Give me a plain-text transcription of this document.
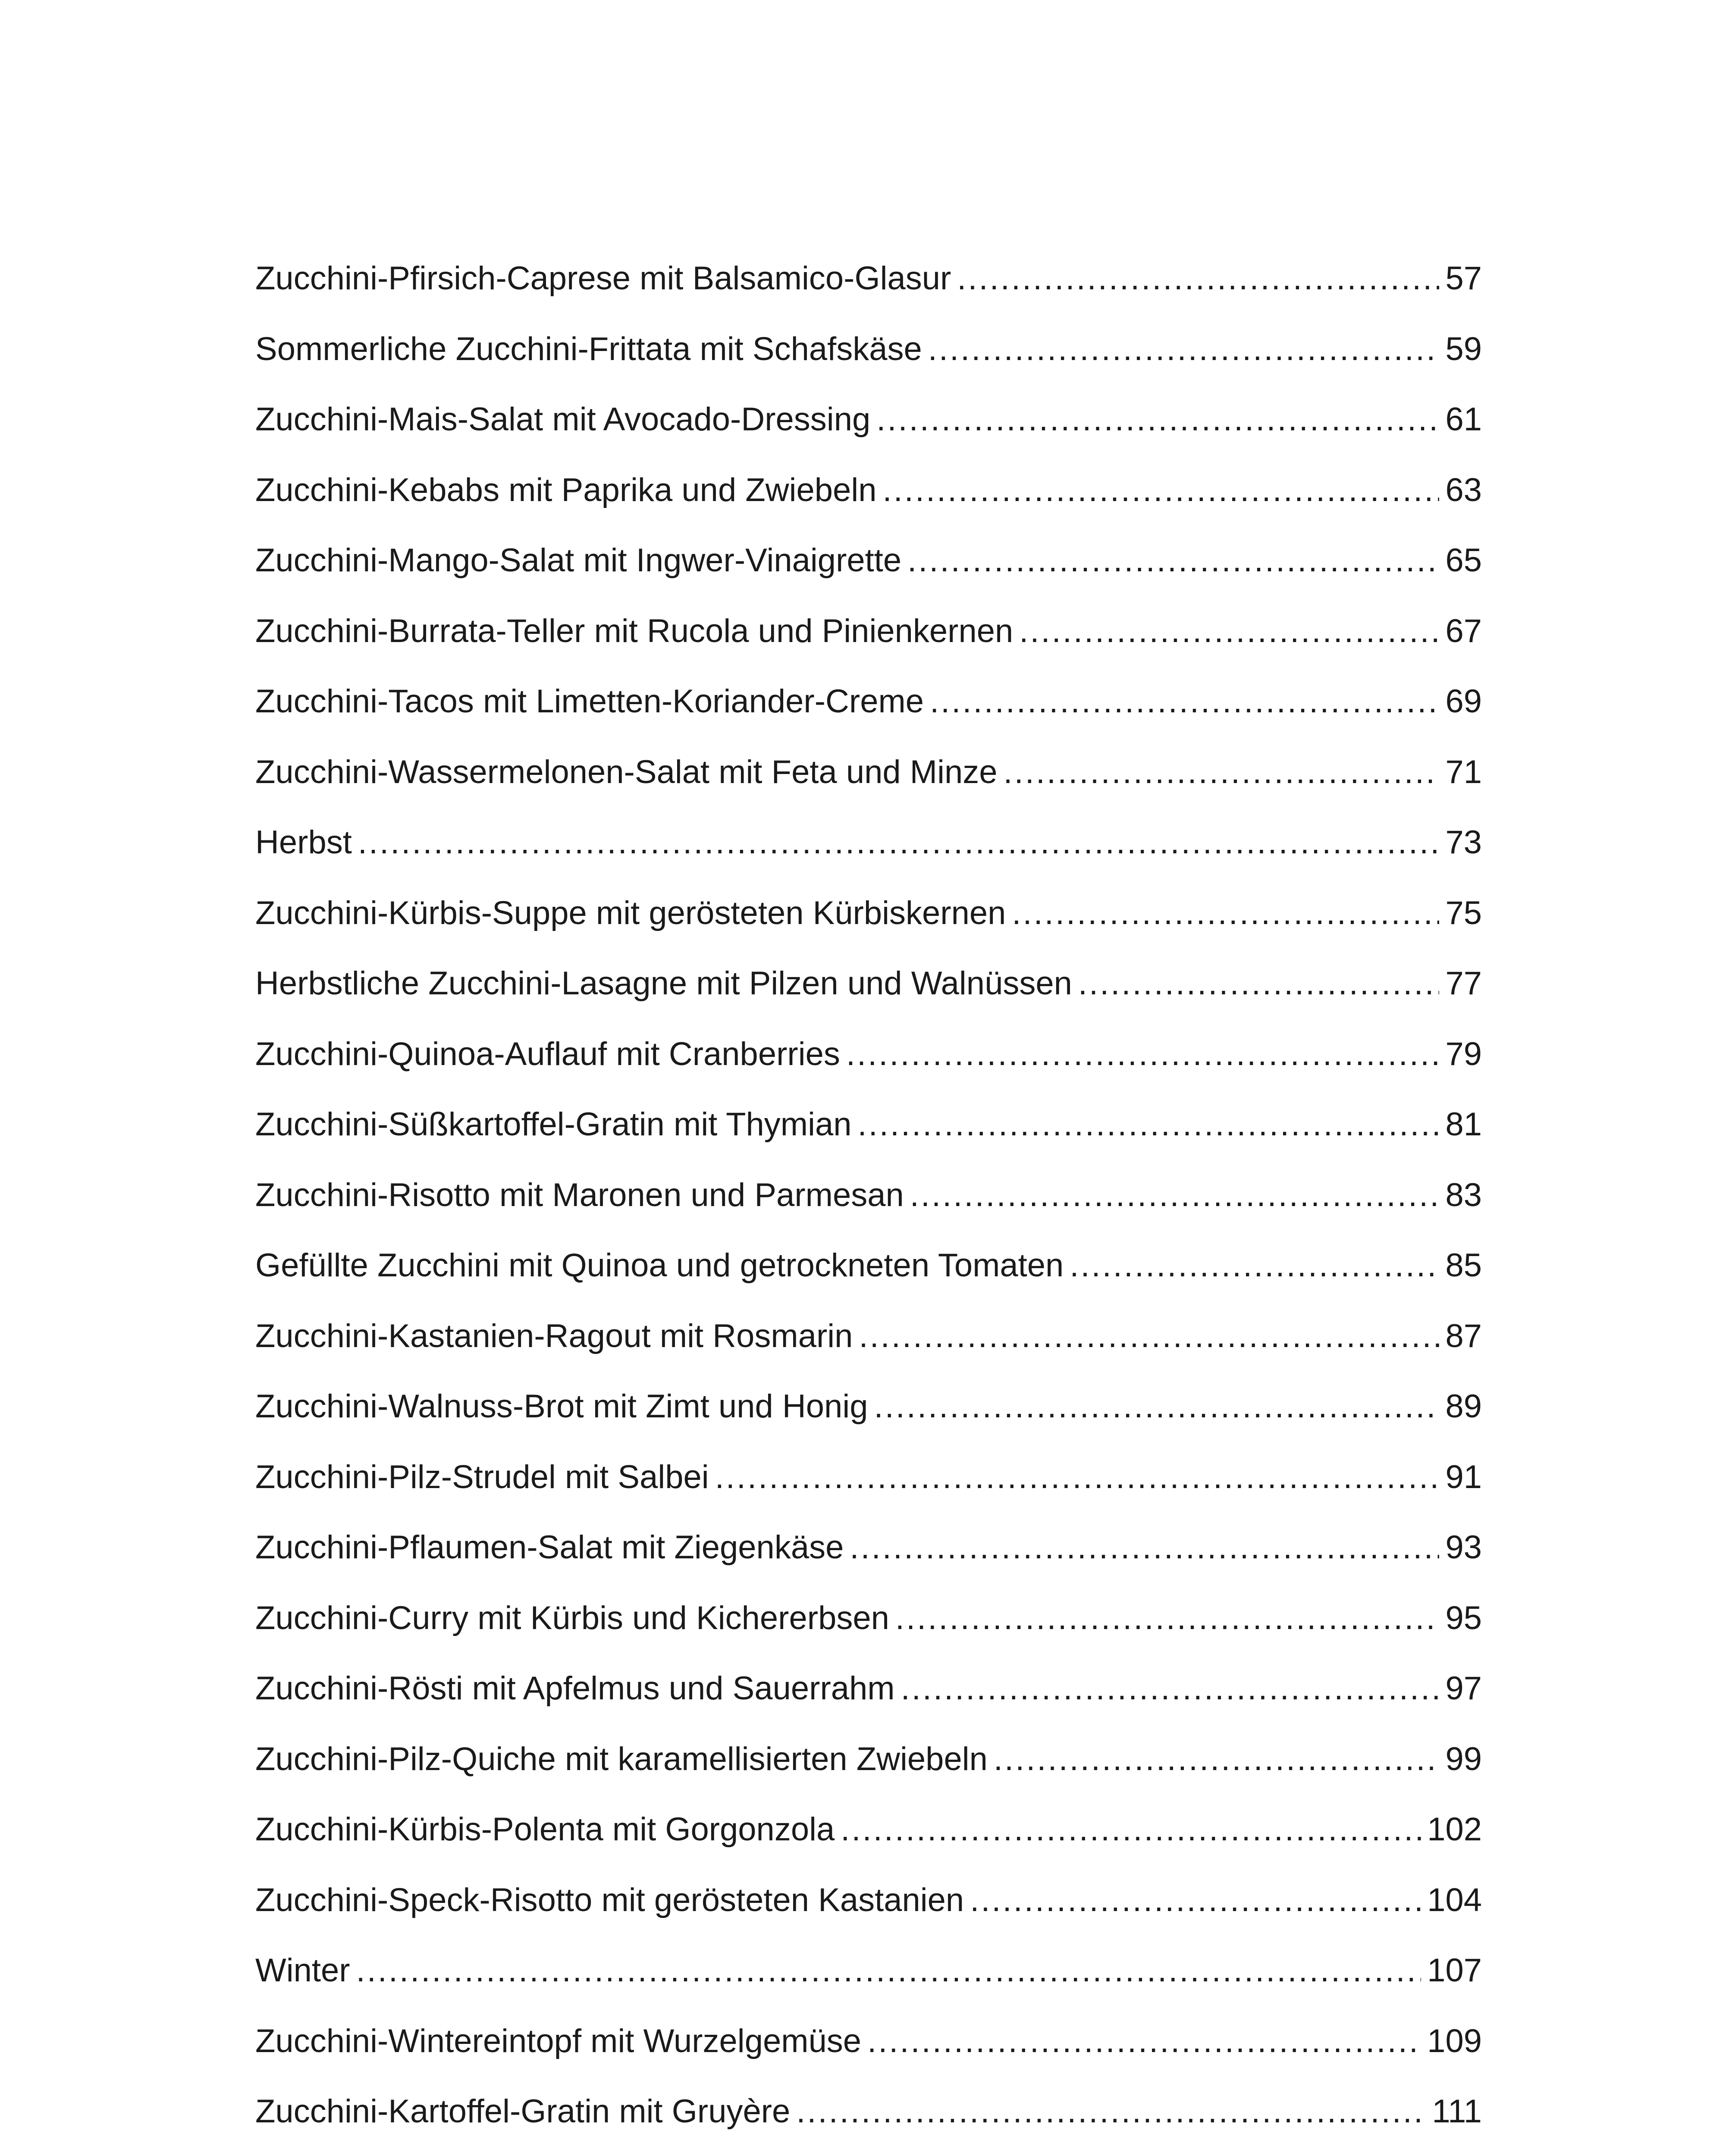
Zucchini-Pfirsich-Caprese mit Balsamico-Glasur .....	57
Sommerliche Zucchini-Frittata mit Schafskäse .....	59
Zucchini-Mais-Salat mit Avocado-Dressing .....	61
Zucchini-Kebabs mit Paprika und Zwiebeln .....	63
Zucchini-Mango-Salat mit Ingwer-Vinaigrette .....	65
Zucchini-Burrata-Teller mit Rucola und Pinienkernen .....	67
Zucchini-Tacos mit Limetten-Koriander-Creme .....	69
Zucchini-Wassermelonen-Salat mit Feta und Minze .....	71
Herbst .....	73
Zucchini-Kürbis-Suppe mit gerösteten Kürbiskernen .....	75
Herbstliche Zucchini-Lasagne mit Pilzen und Walnüssen .....	77
Zucchini-Quinoa-Auflauf mit Cranberries .....	79
Zucchini-Süßkartoffel-Gratin mit Thymian .....	81
Zucchini-Risotto mit Maronen und Parmesan .....	83
Gefüllte Zucchini mit Quinoa und getrockneten Tomaten .....	85
Zucchini-Kastanien-Ragout mit Rosmarin .....	87
Zucchini-Walnuss-Brot mit Zimt und Honig .....	89
Zucchini-Pilz-Strudel mit Salbei .....	91
Zucchini-Pflaumen-Salat mit Ziegenkäse .....	93
Zucchini-Curry mit Kürbis und Kichererbsen .....	95
Zucchini-Rösti mit Apfelmus und Sauerrahm .....	97
Zucchini-Pilz-Quiche mit karamellisierten Zwiebeln .....	99
Zucchini-Kürbis-Polenta mit Gorgonzola .....	102
Zucchini-Speck-Risotto mit gerösteten Kastanien .....	104
Winter .....	107
Zucchini-Wintereintopf mit Wurzelgemüse .....	109
Zucchini-Kartoffel-Gratin mit Gruyère .....	111
